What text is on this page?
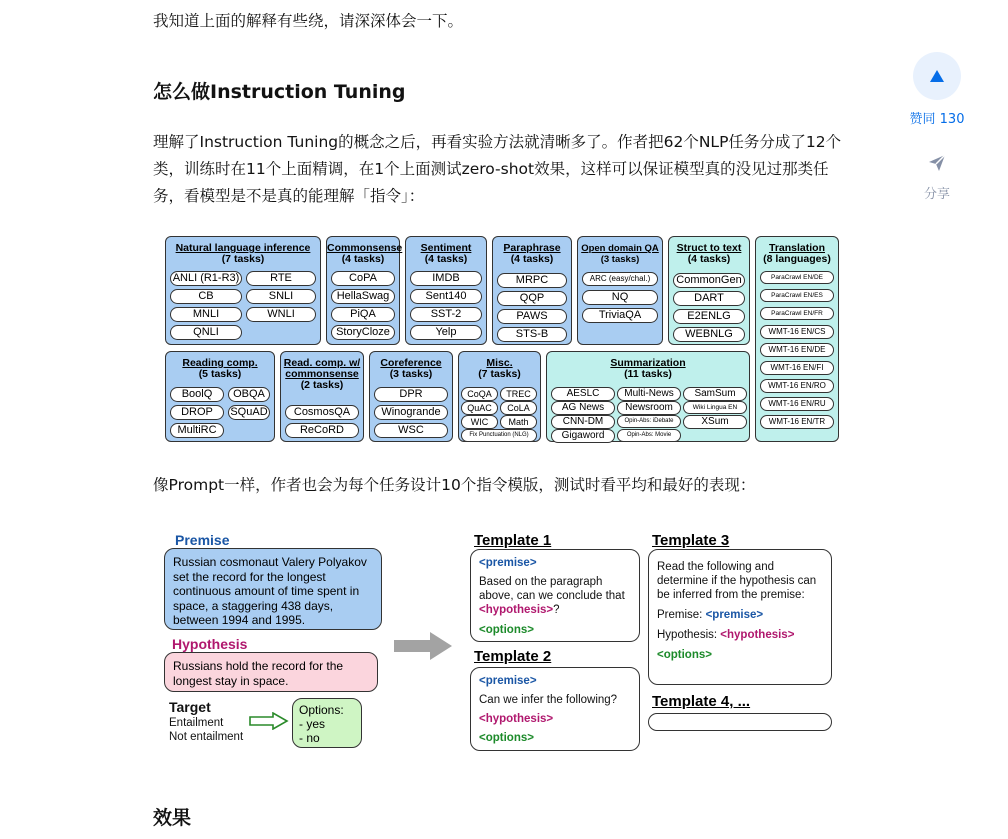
我知道上面的解释有些绕，请深深体会一下。

怎么做Instruction Tuning

理解了Instruction Tuning的概念之后，再看实验方法就清晰多了。作者把62个NLP任务分成了12个类，训练时在11个上面精调，在1个上面测试zero-shot效果，这样可以保证模型真的没见过那类任务，看模型是不是真的能理解「指令」：

像Prompt一样，作者也会为每个任务设计10个指令模版，测试时看平均和最好的表现：

效果
赞同 130
分享
Natural language inference
(7 tasks)
ANLI (R1-R3)	RTE
CB	SNLI
MNLI	WNLI
QNLI
Commonsense
(4 tasks)
CoPA
HellaSwag
PiQA
StoryCloze
Sentiment
(4 tasks)
IMDB
Sent140
SST-2
Yelp
Paraphrase
(4 tasks)
MRPC
QQP
PAWS
STS-B
Open domain QA
(3 tasks)
ARC (easy/chal.)
NQ
TriviaQA
Struct to text
(4 tasks)
CommonGen
DART
E2ENLG
WEBNLG
Translation
(8 languages)
ParaCrawl EN/DE
ParaCrawl EN/ES
ParaCrawl EN/FR
WMT-16 EN/CS
WMT-16 EN/DE
WMT-16 EN/FI
WMT-16 EN/RO
WMT-16 EN/RU
WMT-16 EN/TR
Reading comp.
(5 tasks)
BoolQ	OBQA
DROP	SQuAD
MultiRC
Read. comp. w/ commonsense
(2 tasks)
CosmosQA
ReCoRD
Coreference
(3 tasks)
DPR
Winogrande
WSC
Misc.
(7 tasks)
CoQA	TREC
QuAC	CoLA
WIC	Math
Fix Punctuation (NLG)
Summarization
(11 tasks)
AESLC	Multi-News	SamSum
AG News	Newsroom	Wiki Lingua EN
CNN-DM	Opin-Abs: iDebate	XSum
Gigaword	Opin-Abs: Movie
Premise
Russian cosmonaut Valery Polyakov set the record for the longest continuous amount of time spent in space, a staggering 438 days, between 1994 and 1995.
Hypothesis
Russians hold the record for the longest stay in space.
Target
Entailment
Not entailment
Options:
- yes
- no
Template 1
<premise>
Based on the paragraph above, can we conclude that <hypothesis>?
<options>
Template 2
<premise>
Can we infer the following?
<hypothesis>
<options>
Template 3
Read the following and determine if the hypothesis can be inferred from the premise:
Premise: <premise>
Hypothesis: <hypothesis>
<options>
Template 4, ...
